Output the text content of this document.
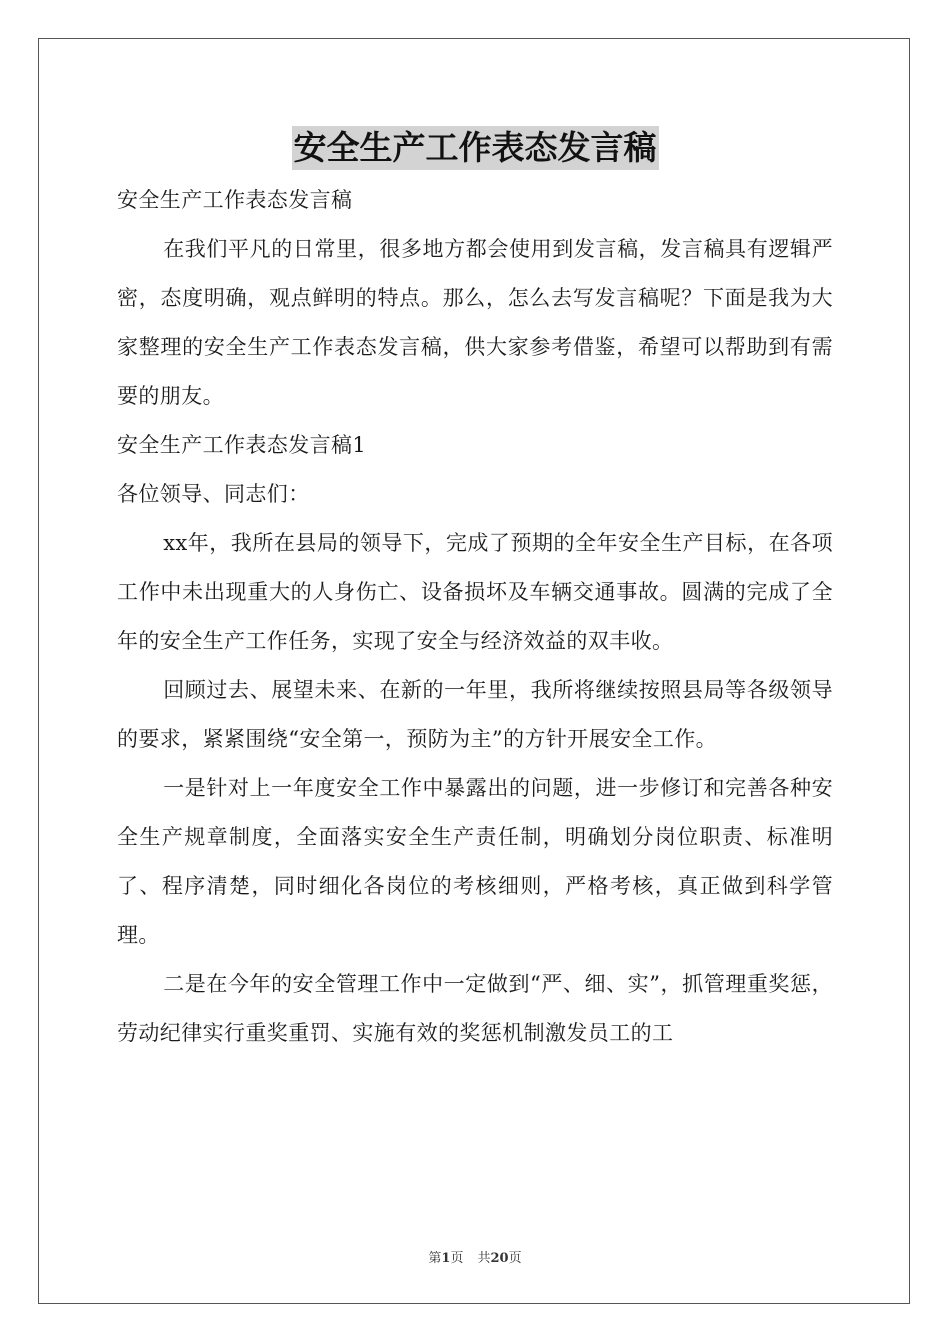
安全生产工作表态发言稿

安全生产工作表态发言稿

在我们平凡的日常里，很多地方都会使用到发言稿，发言稿具有逻辑严密，态度明确，观点鲜明的特点。那么，怎么去写发言稿呢？下面是我为大家整理的安全生产工作表态发言稿，供大家参考借鉴，希望可以帮助到有需要的朋友。

安全生产工作表态发言稿1

各位领导、同志们：

xx年，我所在县局的领导下，完成了预期的全年安全生产目标，在各项工作中未出现重大的人身伤亡、设备损坏及车辆交通事故。圆满的完成了全年的安全生产工作任务，实现了安全与经济效益的双丰收。

回顾过去、展望未来、在新的一年里，我所将继续按照县局等各级领导的要求，紧紧围绕“安全第一，预防为主”的方针开展安全工作。

一是针对上一年度安全工作中暴露出的问题，进一步修订和完善各种安全生产规章制度，全面落实安全生产责任制，明确划分岗位职责、标准明了、程序清楚，同时细化各岗位的考核细则，严格考核，真正做到科学管理。

二是在今年的安全管理工作中一定做到“严、细、实”，抓管理重奖惩，劳动纪律实行重奖重罚、实施有效的奖惩机制激发员工的工

第1页 共20页
